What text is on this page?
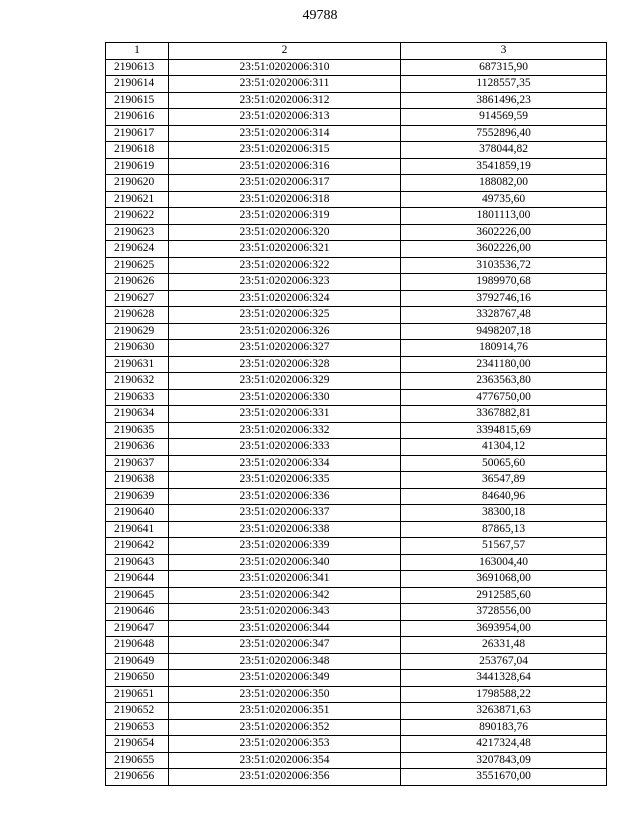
49788
1	2	3
2190613	23:51:0202006:310	687315,90
2190614	23:51:0202006:311	1128557,35
2190615	23:51:0202006:312	3861496,23
2190616	23:51:0202006:313	914569,59
2190617	23:51:0202006:314	7552896,40
2190618	23:51:0202006:315	378044,82
2190619	23:51:0202006:316	3541859,19
2190620	23:51:0202006:317	188082,00
2190621	23:51:0202006:318	49735,60
2190622	23:51:0202006:319	1801113,00
2190623	23:51:0202006:320	3602226,00
2190624	23:51:0202006:321	3602226,00
2190625	23:51:0202006:322	3103536,72
2190626	23:51:0202006:323	1989970,68
2190627	23:51:0202006:324	3792746,16
2190628	23:51:0202006:325	3328767,48
2190629	23:51:0202006:326	9498207,18
2190630	23:51:0202006:327	180914,76
2190631	23:51:0202006:328	2341180,00
2190632	23:51:0202006:329	2363563,80
2190633	23:51:0202006:330	4776750,00
2190634	23:51:0202006:331	3367882,81
2190635	23:51:0202006:332	3394815,69
2190636	23:51:0202006:333	41304,12
2190637	23:51:0202006:334	50065,60
2190638	23:51:0202006:335	36547,89
2190639	23:51:0202006:336	84640,96
2190640	23:51:0202006:337	38300,18
2190641	23:51:0202006:338	87865,13
2190642	23:51:0202006:339	51567,57
2190643	23:51:0202006:340	163004,40
2190644	23:51:0202006:341	3691068,00
2190645	23:51:0202006:342	2912585,60
2190646	23:51:0202006:343	3728556,00
2190647	23:51:0202006:344	3693954,00
2190648	23:51:0202006:347	26331,48
2190649	23:51:0202006:348	253767,04
2190650	23:51:0202006:349	3441328,64
2190651	23:51:0202006:350	1798588,22
2190652	23:51:0202006:351	3263871,63
2190653	23:51:0202006:352	890183,76
2190654	23:51:0202006:353	4217324,48
2190655	23:51:0202006:354	3207843,09
2190656	23:51:0202006:356	3551670,00
